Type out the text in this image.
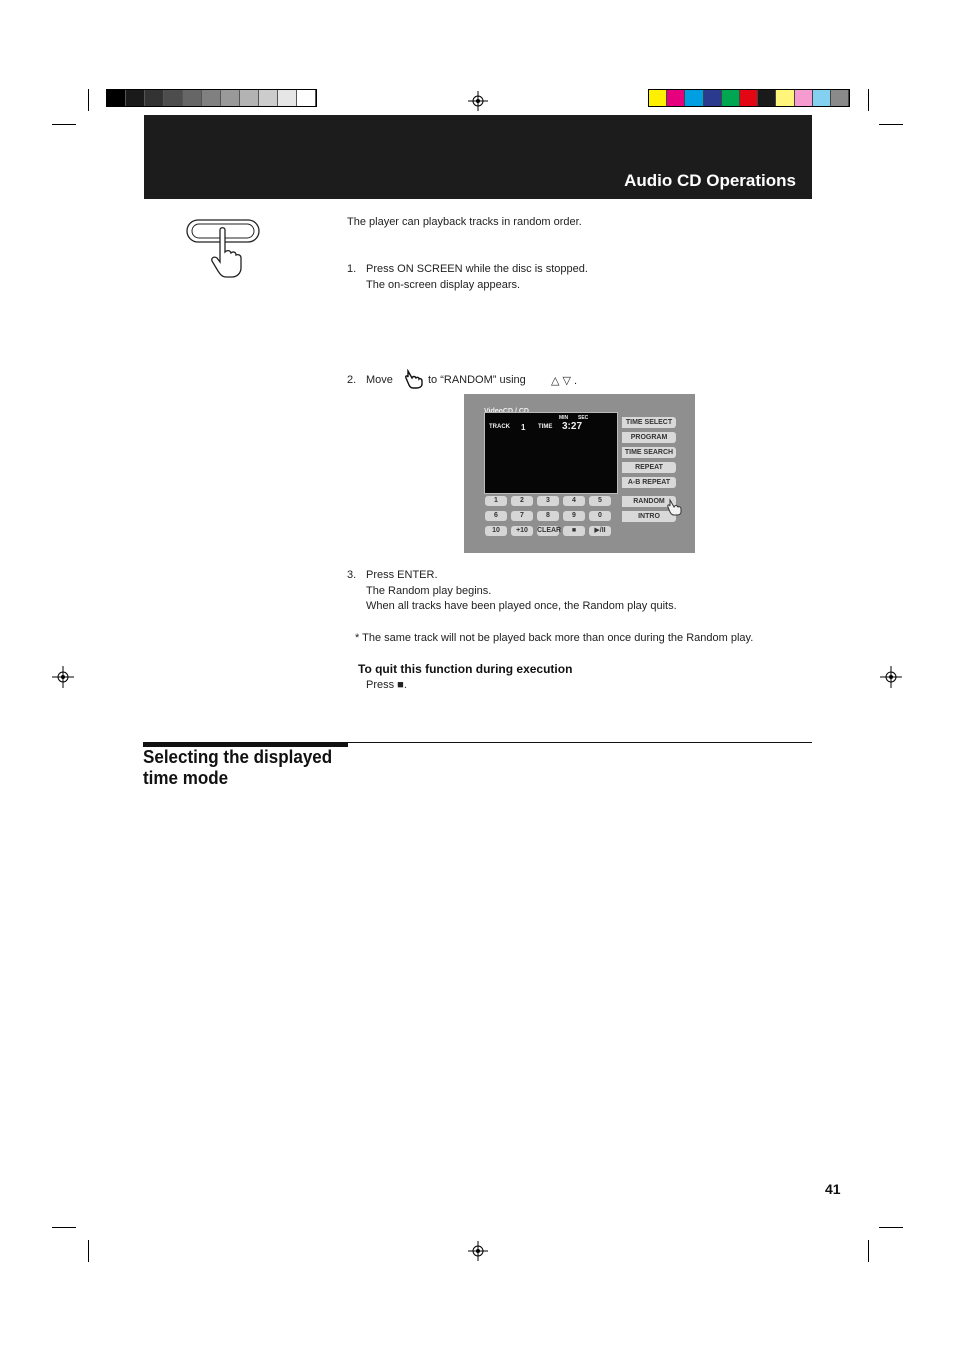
Audio CD Operations
The player can playback tracks in random order.
1. Press ON SCREEN while the disc is stopped.
The on-screen display appears.
2. Move	to “RANDOM” using △ ▽ .
MIN SEC
TRACK 1 TIME 3:27	TIME SELECT
PROGRAM
TIME SEARCH
REPEAT
A-B REPEAT
RANDOM
INTRO
1	2	3	4	5
6	7	8	9	0
10	+10	CLEAR	■	▶/II
3. Press ENTER.
The Random play begins.
When all tracks have been played once, the Random play quits.
* The same track will not be played back more than once during the Random play.
To quit this function during execution
Press ■.
Selecting the displayed
time mode
41
